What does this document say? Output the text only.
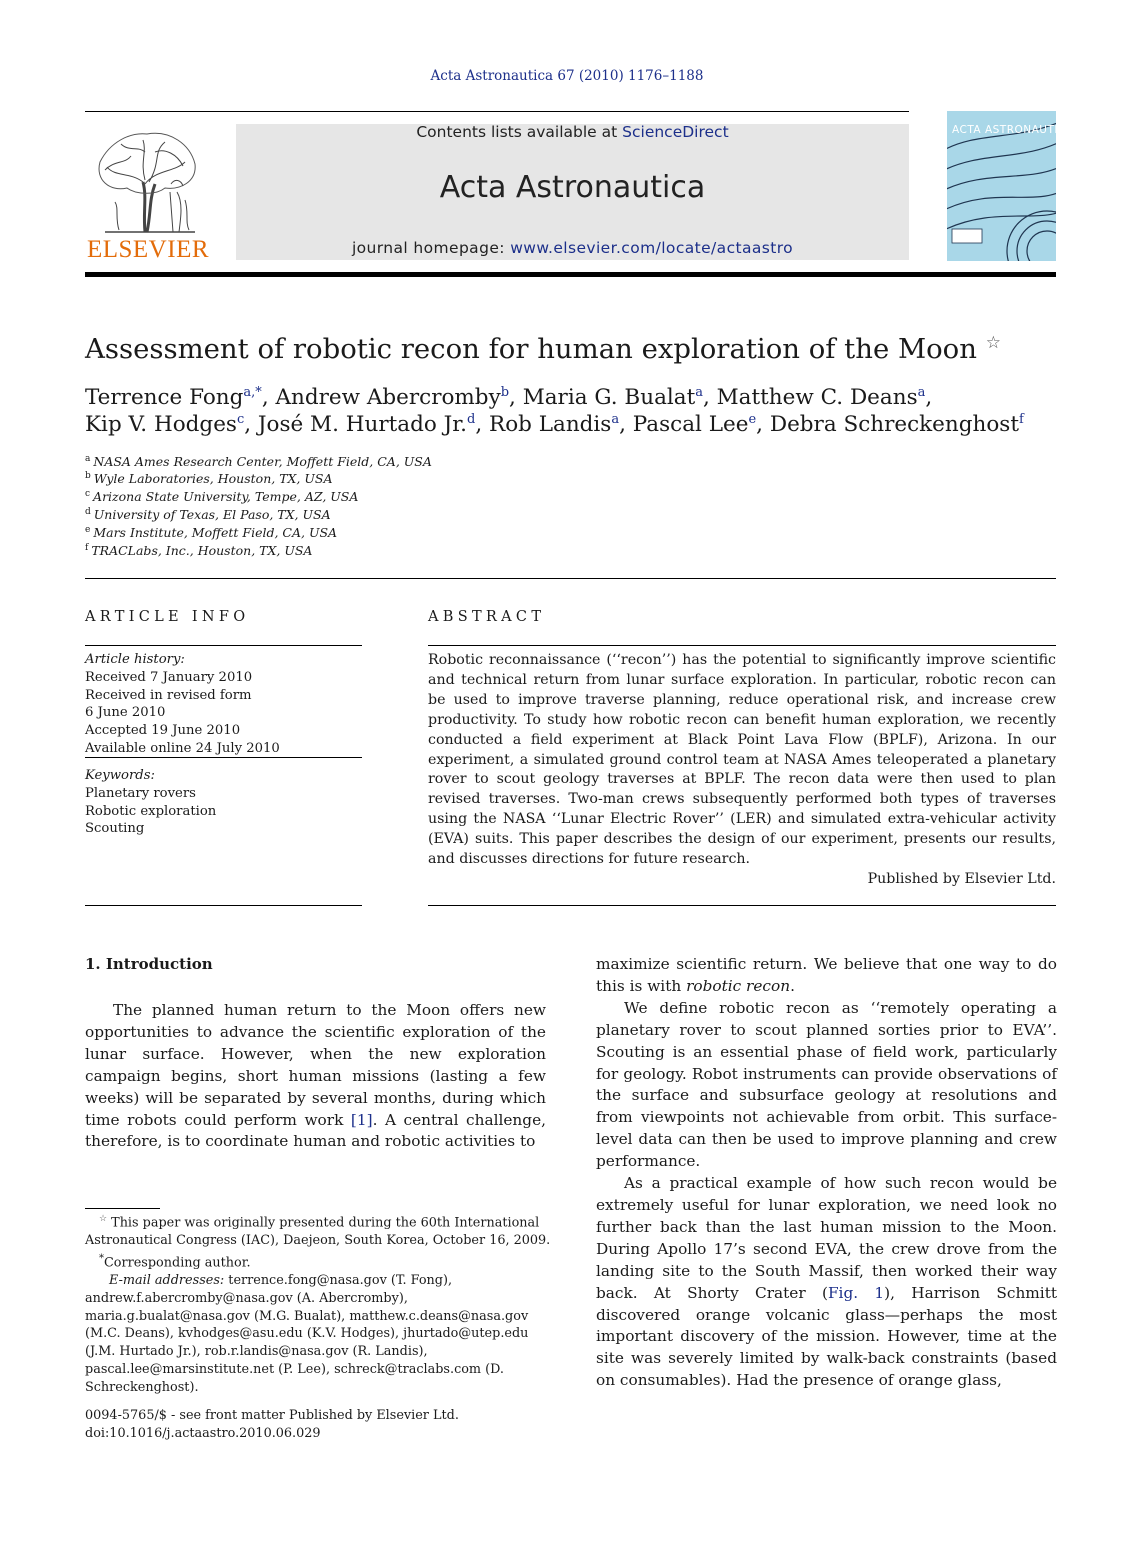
Acta Astronautica 67 (2010) 1176–1188
ELSEVIER
Contents lists available at ScienceDirect
Acta Astronautica
journal homepage: www.elsevier.com/locate/actaastro
ACTA ASTRONAUTICA
Assessment of robotic recon for human exploration of the Moon ☆
Terrence Fong$^{a,*}$, Andrew Abercromby$^b$, Maria G. Bualat$^a$, Matthew C. Deans$^a$,
Kip V. Hodges$^c$, José M. Hurtado Jr.$^d$, Rob Landis$^a$, Pascal Lee$^e$, Debra Schreckenghost$^f$
$^a$ NASA Ames Research Center, Moffett Field, CA, USA
$^b$ Wyle Laboratories, Houston, TX, USA
$^c$ Arizona State University, Tempe, AZ, USA
$^d$ University of Texas, El Paso, TX, USA
$^e$ Mars Institute, Moffett Field, CA, USA
$^f$ TRACLabs, Inc., Houston, TX, USA
ARTICLE INFO
Article history:
Received 7 January 2010
Received in revised form
6 June 2010
Accepted 19 June 2010
Available online 24 July 2010
Keywords:
Planetary rovers
Robotic exploration
Scouting
ABSTRACT
Robotic reconnaissance (‘‘recon’’) has the potential to significantly improve scientific and technical return from lunar surface exploration. In particular, robotic recon can be used to improve traverse planning, reduce operational risk, and increase crew productivity. To study how robotic recon can benefit human exploration, we recently conducted a field experiment at Black Point Lava Flow (BPLF), Arizona. In our experiment, a simulated ground control team at NASA Ames teleoperated a planetary rover to scout geology traverses at BPLF. The recon data were then used to plan revised traverses. Two-man crews subsequently performed both types of traverses using the NASA ‘‘Lunar Electric Rover’’ (LER) and simulated extra-vehicular activity (EVA) suits. This paper describes the design of our experiment, presents our results, and discusses directions for future research.
Published by Elsevier Ltd.
1. Introduction

The planned human return to the Moon offers new opportunities to advance the scientific exploration of the lunar surface. However, when the new exploration campaign begins, short human missions (lasting a few weeks) will be separated by several months, during which time robots could perform work [1]. A central challenge, therefore, is to coordinate human and robotic activities to

☆ This paper was originally presented during the 60th International Astronautical Congress (IAC), Daejeon, South Korea, October 16, 2009.
*Corresponding author.
E-mail addresses: terrence.fong@nasa.gov (T. Fong), andrew.f.abercromby@nasa.gov (A. Abercromby), maria.g.bualat@nasa.gov (M.G. Bualat), matthew.c.deans@nasa.gov (M.C. Deans), kvhodges@asu.edu (K.V. Hodges), jhurtado@utep.edu (J.M. Hurtado Jr.), rob.r.landis@nasa.gov (R. Landis), pascal.lee@marsinstitute.net (P. Lee), schreck@traclabs.com (D. Schreckenghost).
0094-5765/$ - see front matter Published by Elsevier Ltd.
doi:10.1016/j.actaastro.2010.06.029

maximize scientific return. We believe that one way to do this is with robotic recon.

We define robotic recon as ‘‘remotely operating a planetary rover to scout planned sorties prior to EVA’’. Scouting is an essential phase of field work, particularly for geology. Robot instruments can provide observations of the surface and subsurface geology at resolutions and from viewpoints not achievable from orbit. This surface-level data can then be used to improve planning and crew performance.

As a practical example of how such recon would be extremely useful for lunar exploration, we need look no further back than the last human mission to the Moon. During Apollo 17’s second EVA, the crew drove from the landing site to the South Massif, then worked their way back. At Shorty Crater (Fig. 1), Harrison Schmitt discovered orange volcanic glass—perhaps the most important discovery of the mission. However, time at the site was severely limited by walk-back constraints (based on consumables). Had the presence of orange glass,
